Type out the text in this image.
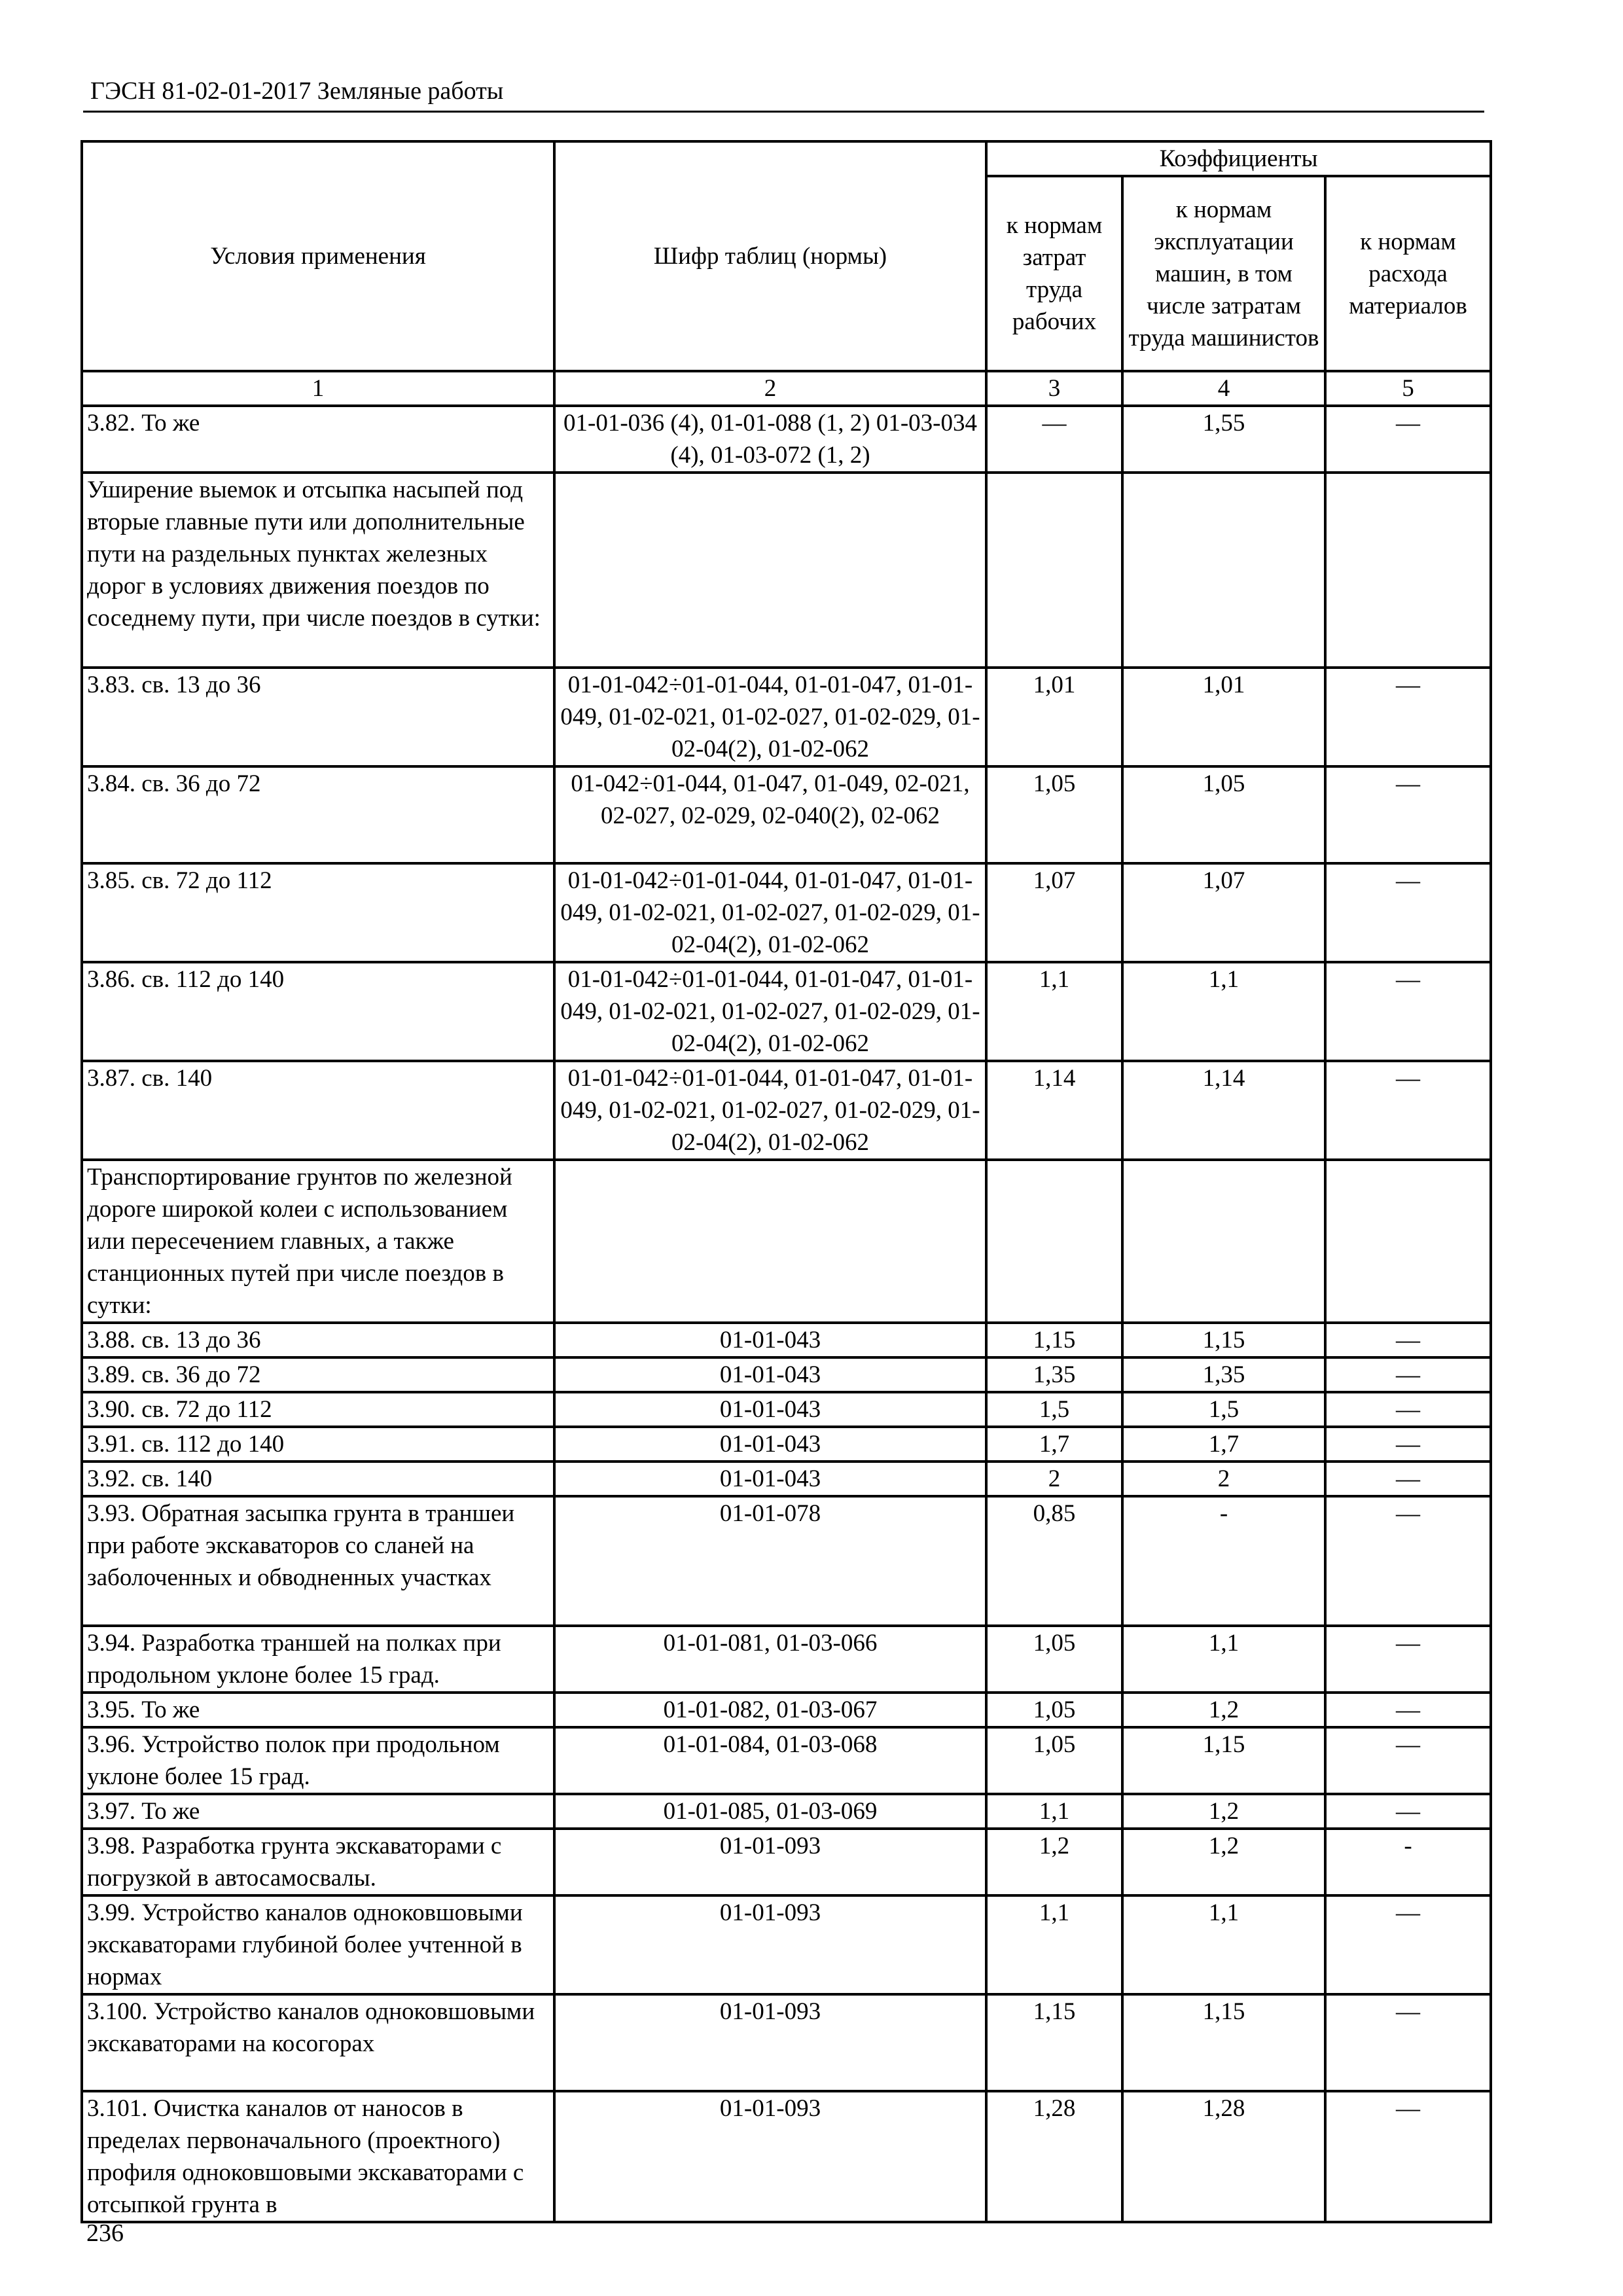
ГЭСН 81-02-01-2017 Земляные работы
Условия применения	Шифр таблиц (нормы)	Коэффициенты		
		к нормам затрат труда рабочих	к нормам эксплуатации машин, в том числе затратам труда машинистов	к нормам расхода материалов
1	2	3	4	5
3.82. То же	01-01-036 (4), 01-01-088 (1, 2) 01-03-034 (4), 01-03-072 (1, 2)	—	1,55	—
Уширение выемок и отсыпка насыпей под вторые главные пути или дополнительные пути на раздельных пунктах железных дорог в условиях движения поездов по соседнему пути, при числе поездов в сутки:				
3.83. св. 13 до 36	01-01-042÷01-01-044, 01-01-047, 01-01-049, 01-02-021, 01-02-027, 01-02-029, 01-02-04(2), 01-02-062	1,01	1,01	—
3.84. св. 36 до 72	01-042÷01-044, 01-047, 01-049, 02-021, 02-027, 02-029, 02-040(2), 02-062	1,05	1,05	—
3.85. св. 72 до 112	01-01-042÷01-01-044, 01-01-047, 01-01-049, 01-02-021, 01-02-027, 01-02-029, 01-02-04(2), 01-02-062	1,07	1,07	—
3.86. св. 112 до 140	01-01-042÷01-01-044, 01-01-047, 01-01-049, 01-02-021, 01-02-027, 01-02-029, 01-02-04(2), 01-02-062	1,1	1,1	—
3.87. св. 140	01-01-042÷01-01-044, 01-01-047, 01-01-049, 01-02-021, 01-02-027, 01-02-029, 01-02-04(2), 01-02-062	1,14	1,14	—
Транспортирование грунтов по железной дороге широкой колеи с использованием или пересечением главных, а также станционных путей при числе поездов в сутки:				
3.88. св. 13 до 36	01-01-043	1,15	1,15	—
3.89. св. 36 до 72	01-01-043	1,35	1,35	—
3.90. св. 72 до 112	01-01-043	1,5	1,5	—
3.91. св. 112 до 140	01-01-043	1,7	1,7	—
3.92. св. 140	01-01-043	2	2	—
3.93. Обратная засыпка грунта в траншеи при работе экскаваторов со сланей на заболоченных и обводненных участках	01-01-078	0,85	-	—
3.94. Разработка траншей на полках при продольном уклоне более 15 град.	01-01-081, 01-03-066	1,05	1,1	—
3.95. То же	01-01-082, 01-03-067	1,05	1,2	—
3.96. Устройство полок при продольном уклоне более 15 град.	01-01-084, 01-03-068	1,05	1,15	—
3.97. То же	01-01-085, 01-03-069	1,1	1,2	—
3.98. Разработка грунта экскаваторами с погрузкой в автосамосвалы.	01-01-093	1,2	1,2	-
3.99. Устройство каналов одноковшовыми экскаваторами глубиной более учтенной в нормах	01-01-093	1,1	1,1	—
3.100. Устройство каналов одноковшовыми экскаваторами на косогорах	01-01-093	1,15	1,15	—
3.101. Очистка каналов от наносов в пределах первоначального (проектного) профиля одноковшовыми экскаваторами с отсыпкой грунта в	01-01-093	1,28	1,28	—
236
